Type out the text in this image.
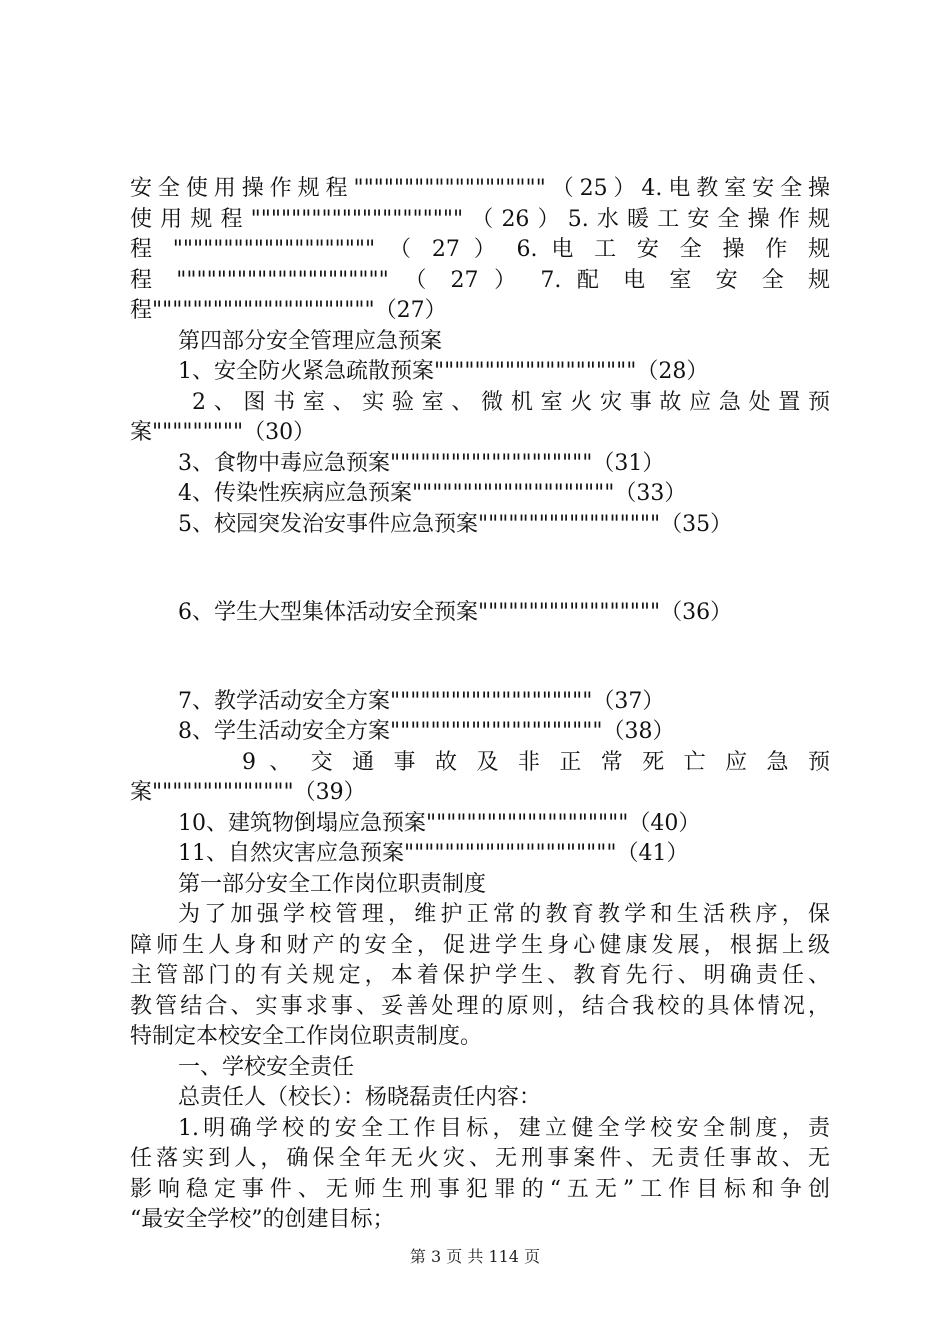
安全使用操作规程"""""""""""""""""""（25）4.电教室安全操
使用规程"""""""""""""""""""""（26）5.水暖工安全操作规
程 """""""""""""""""""" （ 27 ） 6. 电 工 安 全 操 作 规
程 """"""""""""""""""""" （ 27 ） 7. 配 电 室 安 全 规
程""""""""""""""""""""""（27）
第四部分安全管理应急预案
1、安全防火紧急疏散预案""""""""""""""""""""（28）
2、图书室、实验室、微机室火灾事故应急处置预
案"""""""""（30）
3、食物中毒应急预案""""""""""""""""""""（31）
4、传染性疾病应急预案""""""""""""""""""""（33）
5、校园突发治安事件应急预案""""""""""""""""""（35）
6、学生大型集体活动安全预案""""""""""""""""""（36）
7、教学活动安全方案""""""""""""""""""""（37）
8、学生活动安全方案"""""""""""""""""""""（38）
9 、 交 通 事 故 及 非 正 常 死 亡 应 急 预
案""""""""""""""（39）
10、建筑物倒塌应急预案""""""""""""""""""""（40）
11、自然灾害应急预案"""""""""""""""""""""（41）
第一部分安全工作岗位职责制度
为了加强学校管理，维护正常的教育教学和生活秩序，保
障师生人身和财产的安全，促进学生身心健康发展，根据上级
主管部门的有关规定，本着保护学生、教育先行、明确责任、
教管结合、实事求事、妥善处理的原则，结合我校的具体情况，
特制定本校安全工作岗位职责制度。
一、学校安全责任
总责任人（校长）：杨晓磊责任内容：
1.明确学校的安全工作目标，建立健全学校安全制度，责
任落实到人，确保全年无火灾、无刑事案件、无责任事故、无
影响稳定事件、无师生刑事犯罪的“五无”工作目标和争创
“最安全学校”的创建目标；
第 3 页 共 114 页
